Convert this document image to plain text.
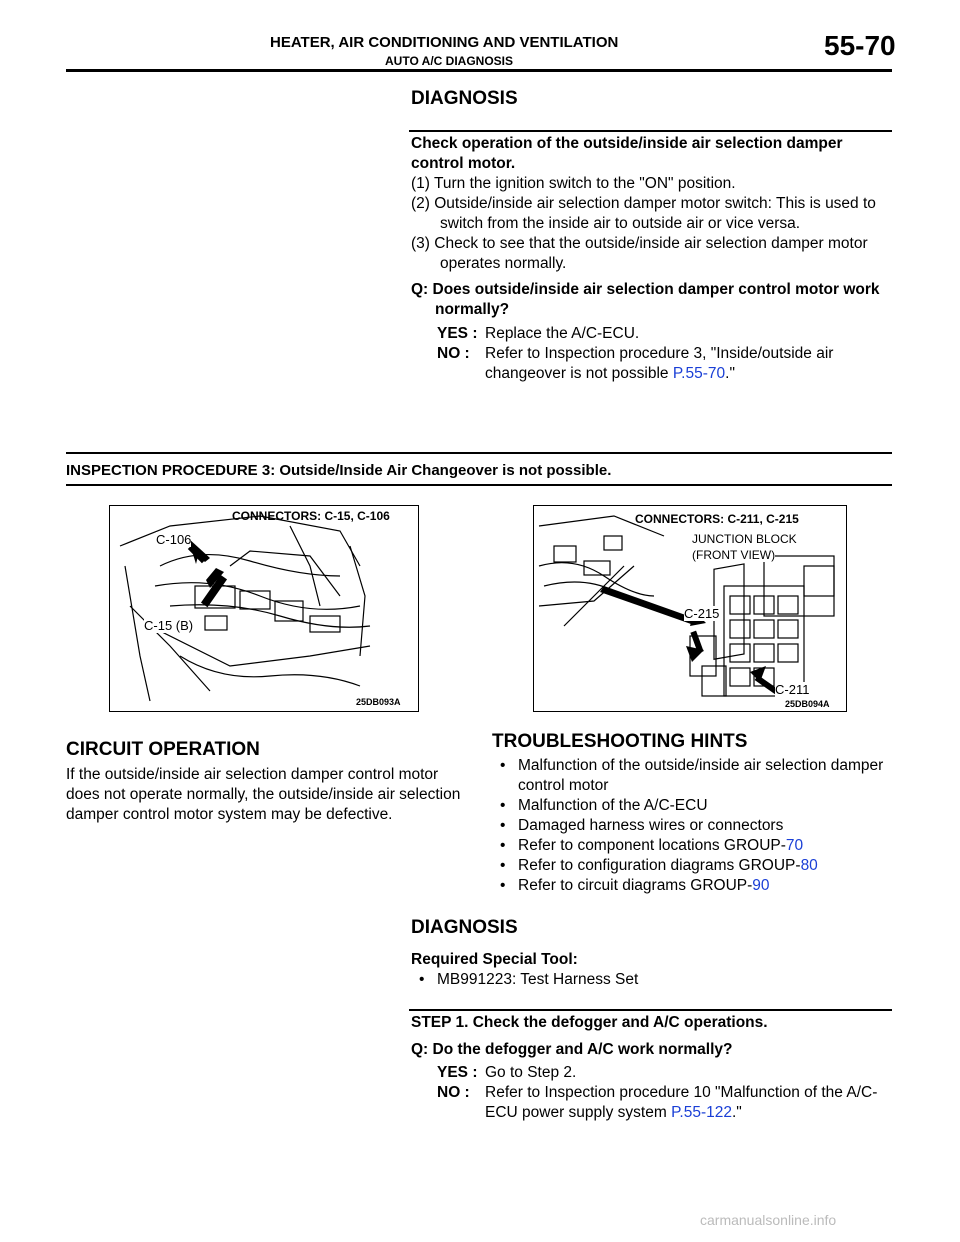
HEATER, AIR CONDITIONING AND VENTILATION
AUTO A/C DIAGNOSIS	55-70
DIAGNOSIS
Check operation of the outside/inside air selection damper control motor.
(1) Turn the ignition switch to the "ON" position.
(2) Outside/inside air selection damper motor switch: This is used to switch from the inside air to outside air or vice versa.
(3) Check to see that the outside/inside air selection damper motor operates normally.
Q: Does outside/inside air selection damper control motor work normally?
YES : Replace the A/C-ECU.
NO : Refer to Inspection procedure 3, "Inside/outside air changeover is not possible P.55-70."
INSPECTION PROCEDURE 3: Outside/Inside Air Changeover is not possible.
CONNECTORS: C-15, C-106
C-106
C-15 (B)
25DB093A
CONNECTORS: C-211, C-215
JUNCTION BLOCK
(FRONT VIEW)
C-215
C-211
25DB094A
CIRCUIT OPERATION
If the outside/inside air selection damper control motor does not operate normally, the outside/inside air selection damper control motor system may be defective.
TROUBLESHOOTING HINTS
• Malfunction of the outside/inside air selection damper control motor
• Malfunction of the A/C-ECU
• Damaged harness wires or connectors
• Refer to component locations GROUP-70
• Refer to configuration diagrams GROUP-80
• Refer to circuit diagrams GROUP-90
DIAGNOSIS
Required Special Tool:
• MB991223: Test Harness Set
STEP 1. Check the defogger and A/C operations.
Q: Do the defogger and A/C work normally?
YES : Go to Step 2.
NO : Refer to Inspection procedure 10 "Malfunction of the A/C-ECU power supply system P.55-122."
carmanualsonline.info
